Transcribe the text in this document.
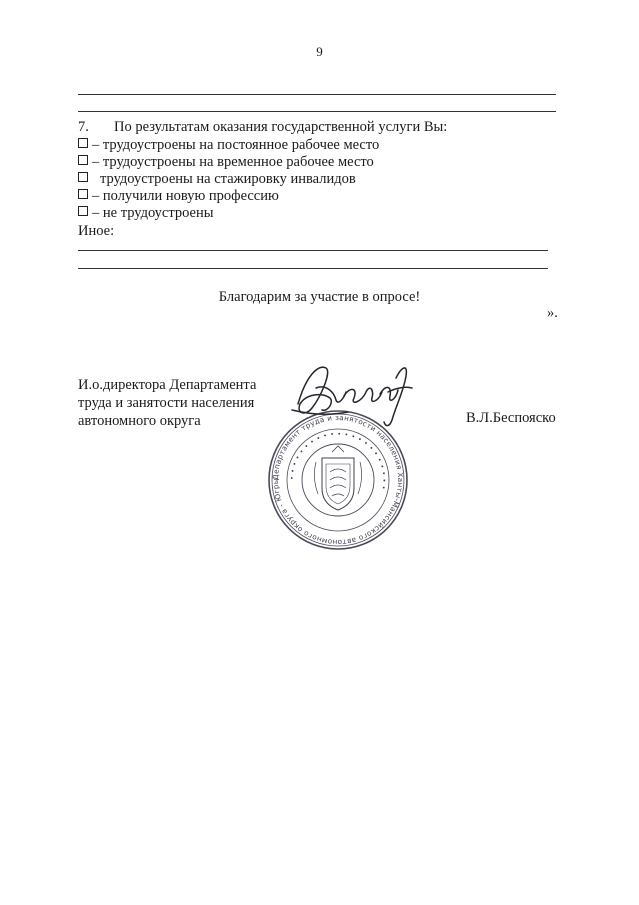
9
7. По результатам оказания государственной услуги Вы:
– трудоустроены на постоянное рабочее место
– трудоустроены на временное рабочее место
трудоустроены на стажировку инвалидов
– получили новую профессию
– не трудоустроены
Иное:
Благодарим за участие в опросе!
».
И.о.директора Департамента
труда и занятости населения
автономного округа	В.Л.Беспояско
Департамент труда и занятости населения Ханты-Мансийского автономного округа - Югры
• • • • • • • • • • • • • • • • • • • • • •
